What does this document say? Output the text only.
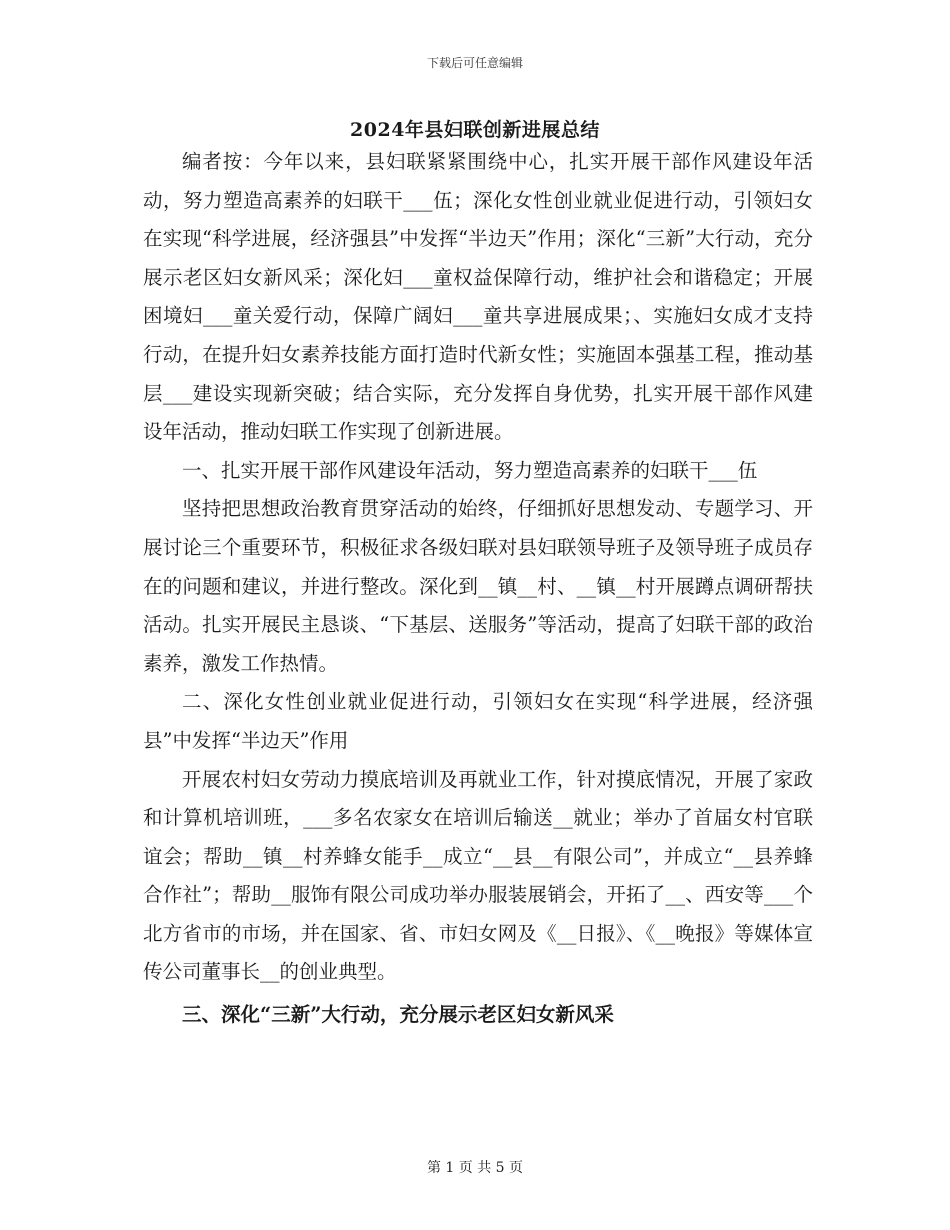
下载后可任意编辑
2024年县妇联创新进展总结

编者按：今年以来，县妇联紧紧围绕中心，扎实开展干部作风建设年活动，努力塑造高素养的妇联干___伍；深化女性创业就业促进行动，引领妇女在实现“科学进展，经济强县”中发挥“半边天”作用；深化“三新”大行动，充分展示老区妇女新风采；深化妇___童权益保障行动，维护社会和谐稳定；开展困境妇___童关爱行动，保障广阔妇___童共享进展成果；、实施妇女成才支持行动，在提升妇女素养技能方面打造时代新女性；实施固本强基工程，推动基层___建设实现新突破；结合实际，充分发挥自身优势，扎实开展干部作风建设年活动，推动妇联工作实现了创新进展。

一、扎实开展干部作风建设年活动，努力塑造高素养的妇联干___伍

坚持把思想政治教育贯穿活动的始终，仔细抓好思想发动、专题学习、开展讨论三个重要环节，积极征求各级妇联对县妇联领导班子及领导班子成员存在的问题和建议，并进行整改。深化到__镇__村、__镇__村开展蹲点调研帮扶活动。扎实开展民主恳谈、“下基层、送服务”等活动，提高了妇联干部的政治素养，激发工作热情。

二、深化女性创业就业促进行动，引领妇女在实现“科学进展，经济强县”中发挥“半边天”作用

开展农村妇女劳动力摸底培训及再就业工作，针对摸底情况，开展了家政和计算机培训班，___多名农家女在培训后输送__就业；举办了首届女村官联谊会；帮助__镇__村养蜂女能手__成立“__县__有限公司”，并成立“__县养蜂合作社”；帮助__服饰有限公司成功举办服装展销会，开拓了__、西安等___个北方省市的市场，并在国家、省、市妇女网及《__日报》、《__晚报》等媒体宣传公司董事长__的创业典型。

三、深化“三新”大行动，充分展示老区妇女新风采

第 1 页 共 5 页
